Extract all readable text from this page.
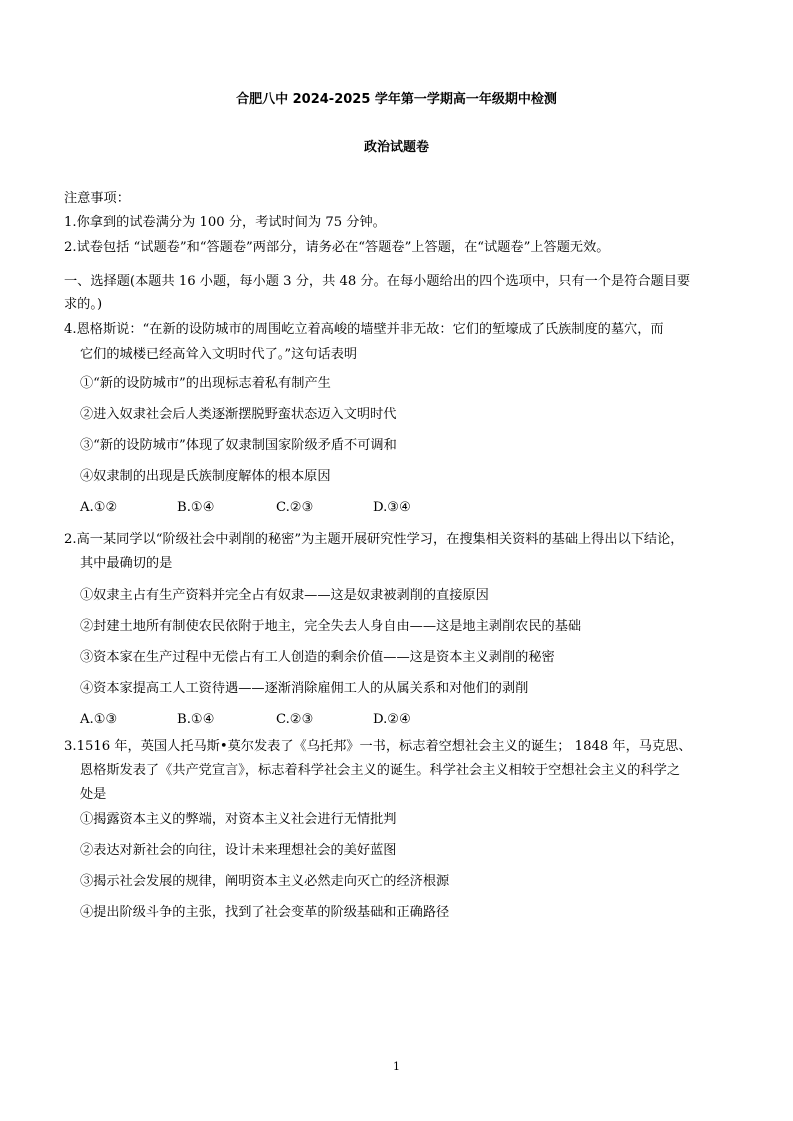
合肥八中 2024-2025 学年第一学期高一年级期中检测
政治试题卷
注意事项：
1.你拿到的试卷满分为 100 分，考试时间为 75 分钟。
2.试卷包括 “试题卷”和“答题卷”两部分，请务必在“答题卷”上答题，在“试题卷”上答题无效。
一、选择题(本题共 16 小题，每小题 3 分，共 48 分。在每小题给出的四个选项中，只有一个是符合题目要
求的。)
4.恩格斯说：“在新的设防城市的周围屹立着高峻的墙壁并非无故：它们的堑壕成了氏族制度的墓穴，而
它们的城楼已经高耸入文明时代了。”这句话表明
①“新的设防城市”的出现标志着私有制产生
②进入奴隶社会后人类逐渐摆脱野蛮状态迈入文明时代
③“新的设防城市”体现了奴隶制国家阶级矛盾不可调和
④奴隶制的出现是氏族制度解体的根本原因
A.①②	B.①④	C.②③	D.③④
2.高一某同学以“阶级社会中剥削的秘密”为主题开展研究性学习，在搜集相关资料的基础上得出以下结论，
其中最确切的是
①奴隶主占有生产资料并完全占有奴隶——这是奴隶被剥削的直接原因
②封建土地所有制使农民依附于地主，完全失去人身自由——这是地主剥削农民的基础
③资本家在生产过程中无偿占有工人创造的剩余价值——这是资本主义剥削的秘密
④资本家提高工人工资待遇——逐渐消除雇佣工人的从属关系和对他们的剥削
A.①③	B.①④	C.②③	D.②④
3.1516 年，英国人托马斯•莫尔发表了《乌托邦》一书，标志着空想社会主义的诞生； 1848 年，马克思、
恩格斯发表了《共产党宣言》，标志着科学社会主义的诞生。科学社会主义相较于空想社会主义的科学之
处是
①揭露资本主义的弊端，对资本主义社会进行无情批判
②表达对新社会的向往，设计未来理想社会的美好蓝图
③揭示社会发展的规律，阐明资本主义必然走向灭亡的经济根源
④提出阶级斗争的主张，找到了社会变革的阶级基础和正确路径
1
